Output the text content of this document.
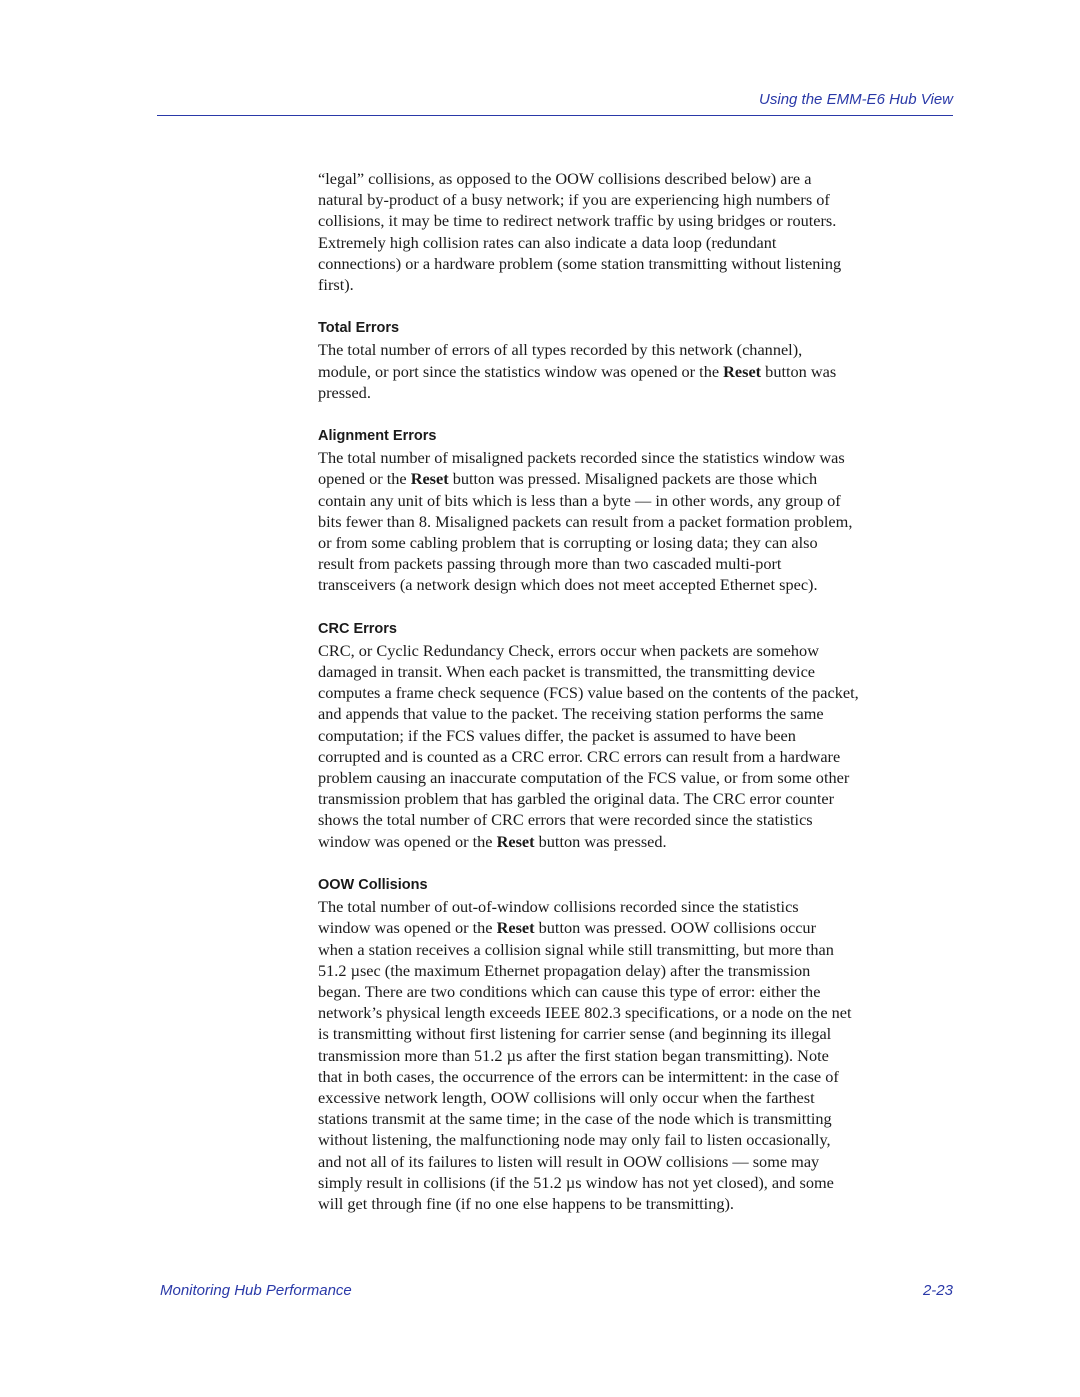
Using the EMM-E6 Hub View

“legal” collisions, as opposed to the OOW collisions described below) are a
natural by-product of a busy network; if you are experiencing high numbers of
collisions, it may be time to redirect network traffic by using bridges or routers.
Extremely high collision rates can also indicate a data loop (redundant
connections) or a hardware problem (some station transmitting without listening
first).

Total Errors

The total number of errors of all types recorded by this network (channel),
module, or port since the statistics window was opened or the Reset button was
pressed.

Alignment Errors

The total number of misaligned packets recorded since the statistics window was
opened or the Reset button was pressed. Misaligned packets are those which
contain any unit of bits which is less than a byte — in other words, any group of
bits fewer than 8. Misaligned packets can result from a packet formation problem,
or from some cabling problem that is corrupting or losing data; they can also
result from packets passing through more than two cascaded multi-port
transceivers (a network design which does not meet accepted Ethernet spec).

CRC Errors

CRC, or Cyclic Redundancy Check, errors occur when packets are somehow
damaged in transit. When each packet is transmitted, the transmitting device
computes a frame check sequence (FCS) value based on the contents of the packet,
and appends that value to the packet. The receiving station performs the same
computation; if the FCS values differ, the packet is assumed to have been
corrupted and is counted as a CRC error. CRC errors can result from a hardware
problem causing an inaccurate computation of the FCS value, or from some other
transmission problem that has garbled the original data. The CRC error counter
shows the total number of CRC errors that were recorded since the statistics
window was opened or the Reset button was pressed.

OOW Collisions

The total number of out-of-window collisions recorded since the statistics
window was opened or the Reset button was pressed. OOW collisions occur
when a station receives a collision signal while still transmitting, but more than
51.2 µsec (the maximum Ethernet propagation delay) after the transmission
began. There are two conditions which can cause this type of error: either the
network’s physical length exceeds IEEE 802.3 specifications, or a node on the net
is transmitting without first listening for carrier sense (and beginning its illegal
transmission more than 51.2 µs after the first station began transmitting). Note
that in both cases, the occurrence of the errors can be intermittent: in the case of
excessive network length, OOW collisions will only occur when the farthest
stations transmit at the same time; in the case of the node which is transmitting
without listening, the malfunctioning node may only fail to listen occasionally,
and not all of its failures to listen will result in OOW collisions — some may
simply result in collisions (if the 51.2 µs window has not yet closed), and some
will get through fine (if no one else happens to be transmitting).

Monitoring Hub Performance	2-23
